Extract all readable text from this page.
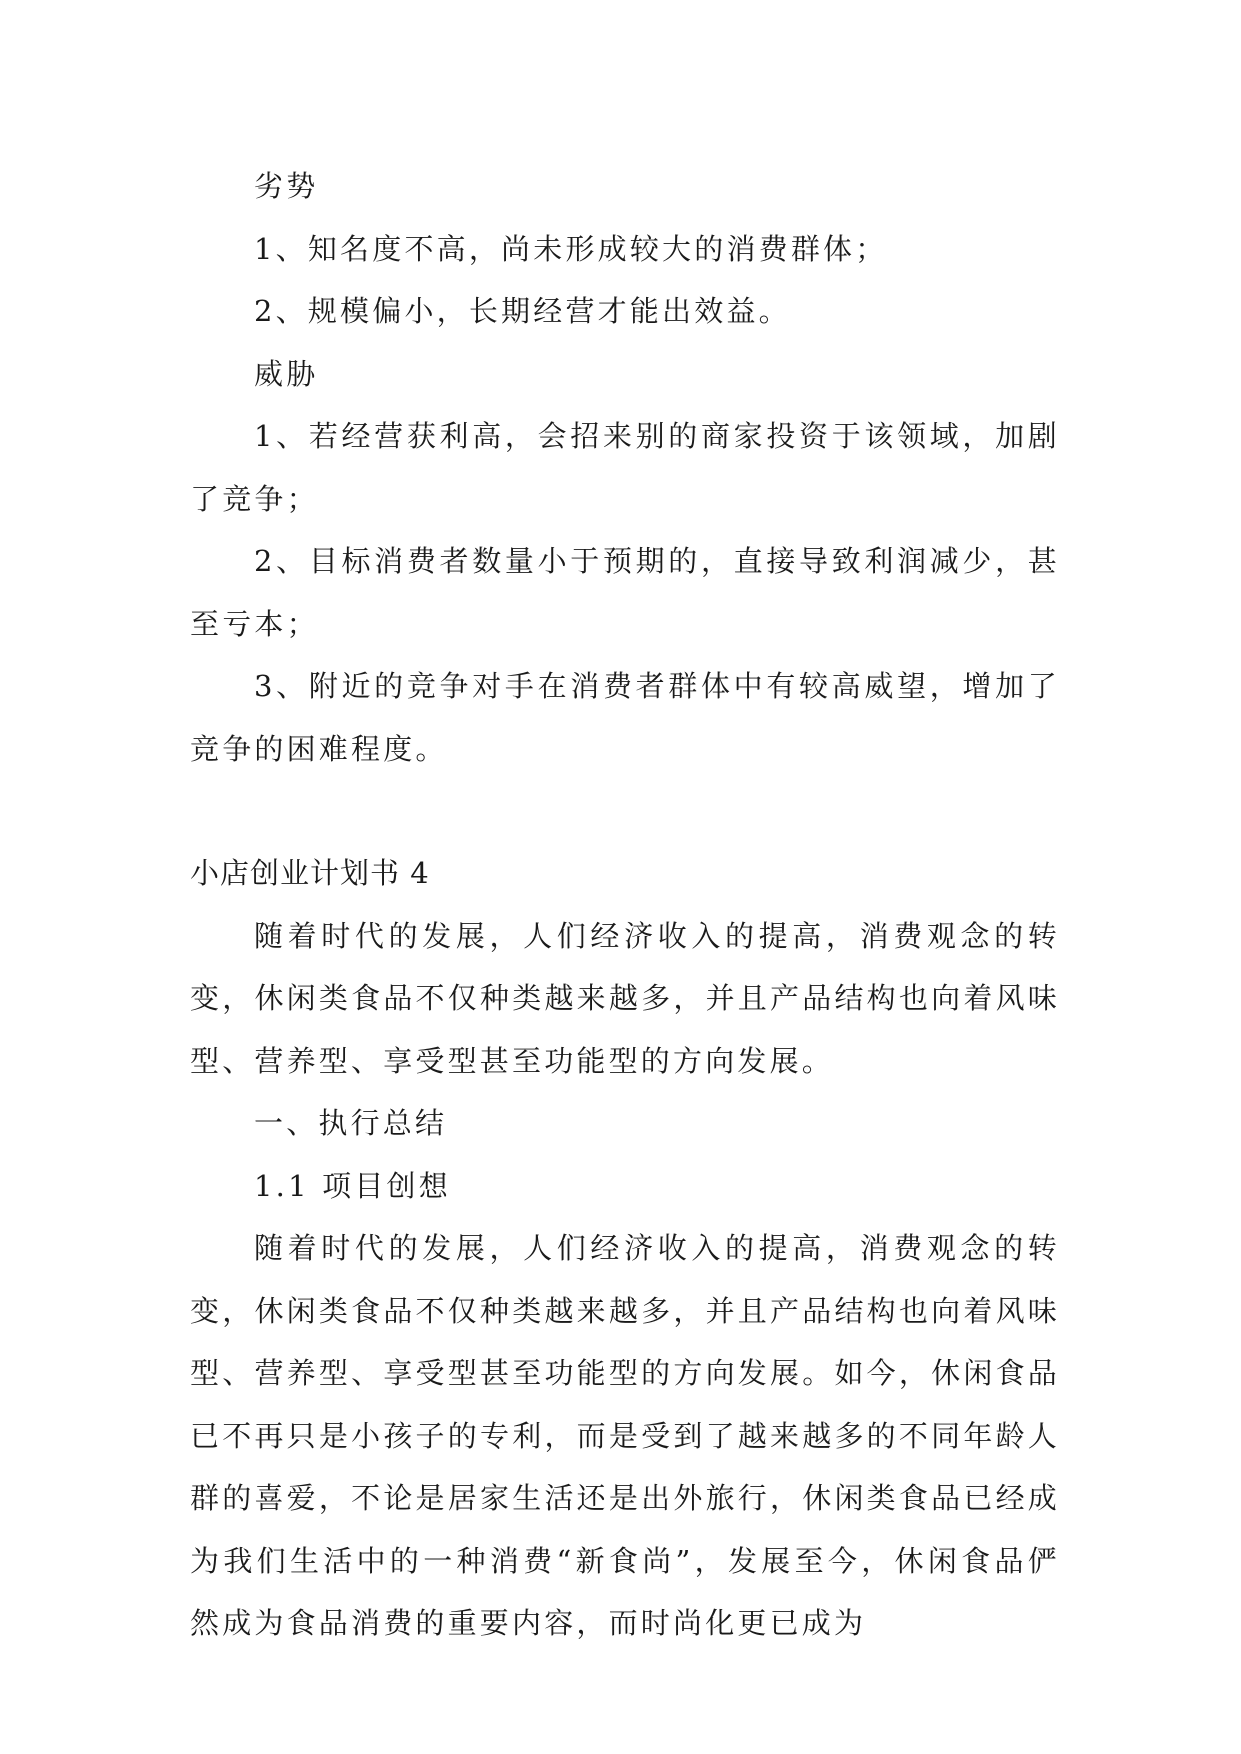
劣势

1、知名度不高，尚未形成较大的消费群体；

2、规模偏小，长期经营才能出效益。

威胁

1、若经营获利高，会招来别的商家投资于该领域，加剧了竞争；

2、目标消费者数量小于预期的，直接导致利润减少，甚至亏本；

3、附近的竞争对手在消费者群体中有较高威望，增加了竞争的困难程度。

小店创业计划书 4

随着时代的发展，人们经济收入的提高，消费观念的转变，休闲类食品不仅种类越来越多，并且产品结构也向着风味型、营养型、享受型甚至功能型的方向发展。

一、执行总结

1.1 项目创想

随着时代的发展，人们经济收入的提高，消费观念的转变，休闲类食品不仅种类越来越多，并且产品结构也向着风味型、营养型、享受型甚至功能型的方向发展。如今，休闲食品已不再只是小孩子的专利，而是受到了越来越多的不同年龄人群的喜爱，不论是居家生活还是出外旅行，休闲类食品已经成为我们生活中的一种消费“新食尚”，发展至今，休闲食品俨然成为食品消费的重要内容，而时尚化更已成为
